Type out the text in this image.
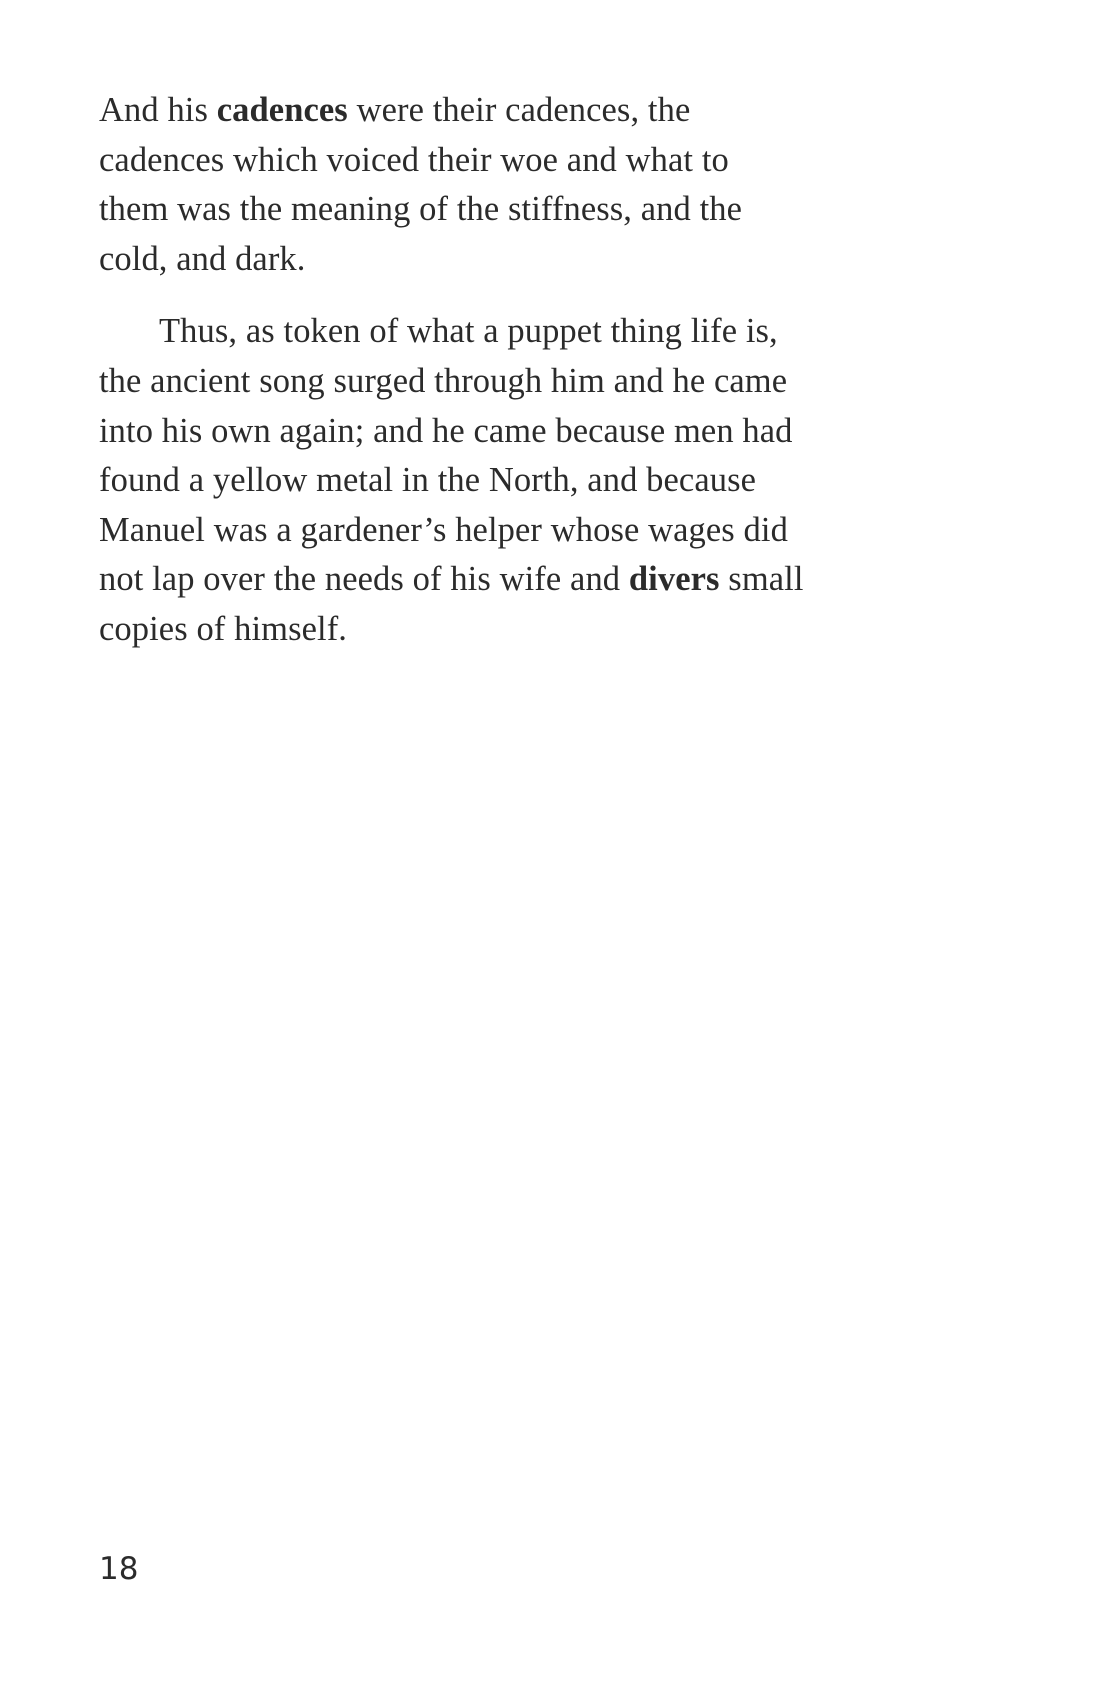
And his cadences were their cadences, the
cadences which voiced their woe and what to
them was the meaning of the stiffness, and the
cold, and dark.

Thus, as token of what a puppet thing life is,
the ancient song surged through him and he came
into his own again; and he came because men had
found a yellow metal in the North, and because
Manuel was a gardener’s helper whose wages did
not lap over the needs of his wife and divers small
copies of himself.

18
